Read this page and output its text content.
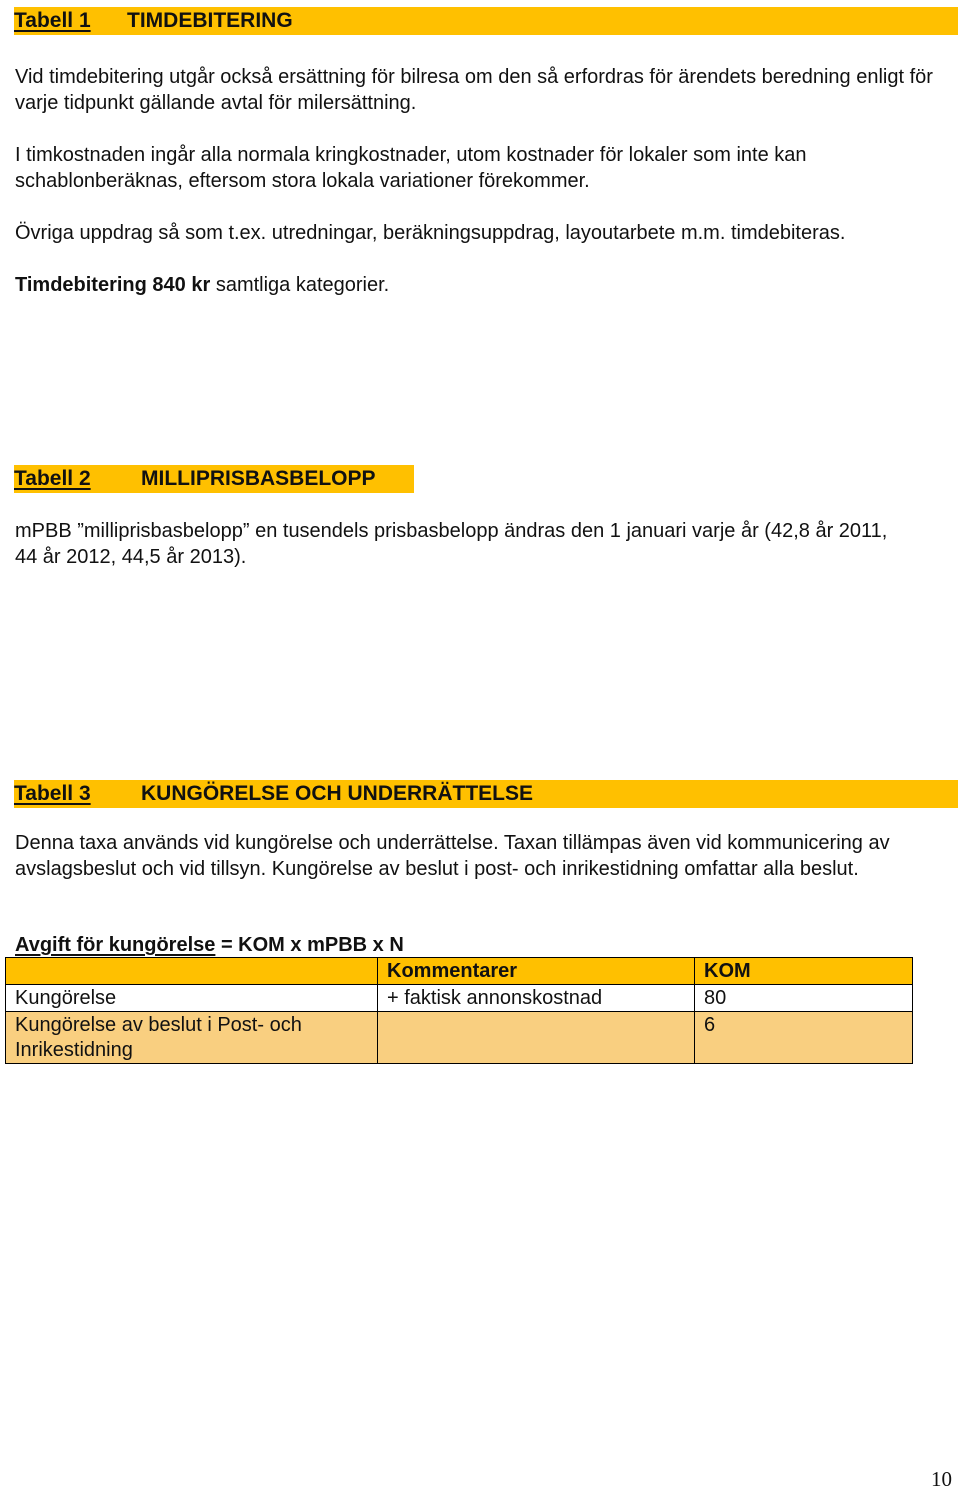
Tabell 1 TIMDEBITERING

Vid timdebitering utgår också ersättning för bilresa om den så erfordras för ärendets beredning enligt för varje tidpunkt gällande avtal för milersättning.

I timkostnaden ingår alla normala kringkostnader, utom kostnader för lokaler som inte kan schablonberäknas, eftersom stora lokala variationer förekommer.

Övriga uppdrag så som t.ex. utredningar, beräkningsuppdrag, layoutarbete m.m. timdebiteras.

Timdebitering 840 kr samtliga kategorier.

Tabell 2 MILLIPRISBASBELOPP

mPBB ”milliprisbasbelopp” en tusendels prisbasbelopp ändras den 1 januari varje år (42,8 år 2011, 44 år 2012, 44,5 år 2013).

Tabell 3 KUNGÖRELSE OCH UNDERRÄTTELSE

Denna taxa används vid kungörelse och underrättelse. Taxan tillämpas även vid kommunicering av avslagsbeslut och vid tillsyn. Kungörelse av beslut i post- och inrikestidning omfattar alla beslut.

Avgift för kungörelse = KOM x mPBB x N

	Kommentarer	KOM
Kungörelse	+ faktisk annonskostnad	80
Kungörelse av beslut i Post- och Inrikestidning		6
10
